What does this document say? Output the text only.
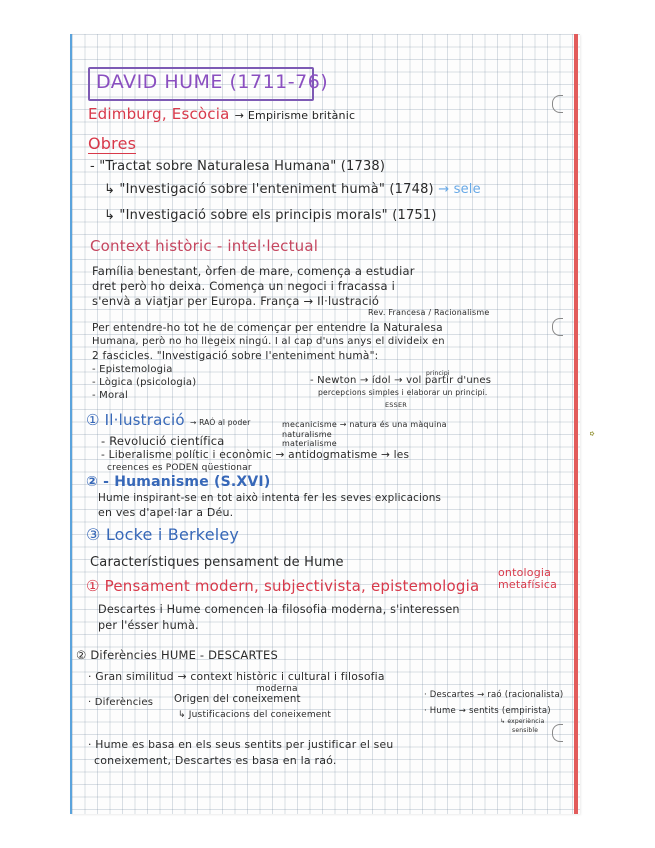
✿
DAVID HUME (1711-76)
Edimburg, Escòcia → Empirisme britànic
Obres
- "Tractat sobre Naturalesa Humana" (1738)
↳ "Investigació sobre l'enteniment humà" (1748) → sele
↳ "Investigació sobre els principis morals" (1751)
Context històric - intel·lectual
Família benestant, òrfen de mare, comença a estudiar
dret però ho deixa. Comença un negoci i fracassa i
s'envà a viatjar per Europa. França → Il·lustració
Rev. Francesa / Racionalisme
Per entendre-ho tot he de començar per entendre la Naturalesa
Humana, però no ho llegeix ningú. I al cap d'uns anys el divideix en
2 fascicles. "Investigació sobre l'enteniment humà":
- Epistemologia
- Lògica (psicologia)
- Moral
- Newton → ídol → vol partir d'unes
percepcions simples i elaborar un principi.
principi
ESSER
① Il·lustració → RAÓ al poder	mecanicisme → natura és una màquina
naturalisme
materialisme
- Revolució científica
- Liberalisme polític i econòmic → antidogmatisme → les
creences es PODEN qüestionar
② - Humanisme (S.XVI)
Hume inspirant-se en tot això intenta fer les seves explicacions
en ves d'apel·lar a Déu.
③ Locke i Berkeley
Característiques pensament de Hume
① Pensament modern, subjectivista, epistemologia
ontologia
metafísica
Descartes i Hume comencen la filosofia moderna, s'interessen
per l'ésser humà.
② Diferències HUME - DESCARTES
· Gran similitud → context històric i cultural i filosofia
moderna
· Diferències Origen del coneixement
↳ Justificacions del coneixement
· Descartes → raó (racionalista)
· Hume → sentits (empirista)
↳ experiència
sensible
· Hume es basa en els seus sentits per justificar el seu
coneixement, Descartes es basa en la raó.
